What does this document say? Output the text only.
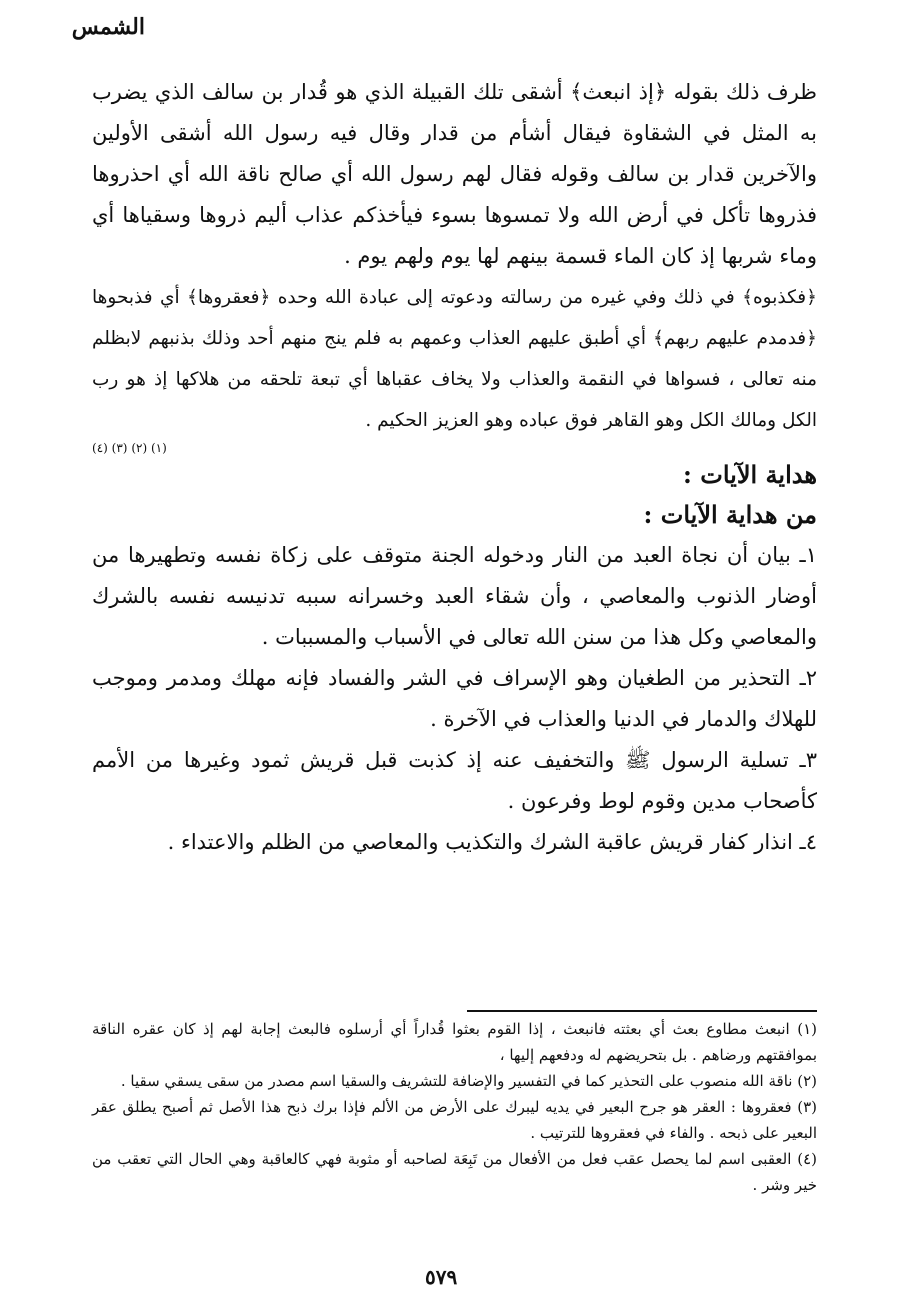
الشمس

ظرف ذلك بقوله ﴿إذ انبعث﴾ أشقى تلك القبيلة الذي هو قُدار بن سالف الذي يضرب به المثل في الشقاوة فيقال أشأم من قدار وقال فيه رسول الله أشقى الأولين والآخرين قدار بن سالف وقوله فقال لهم رسول الله أي صالح ناقة الله أي احذروها فذروها تأكل في أرض الله ولا تمسوها بسوء فيأخذكم عذاب أليم ذروها وسقياها أي وماء شربها إذ كان الماء قسمة بينهم لها يوم ولهم يوم .

﴿فكذبوه﴾ في ذلك وفي غيره من رسالته ودعوته إلى عبادة الله وحده ﴿فعقروها﴾ أي فذبحوها ﴿فدمدم عليهم ربهم﴾ أي أطبق عليهم العذاب وعمهم به فلم ينج منهم أحد وذلك بذنبهم لابظلم منه تعالى ، فسواها في النقمة والعذاب ولا يخاف عقباها أي تبعة تلحقه من هلاكها إذ هو رب الكل ومالك الكل وهو القاهر فوق عباده وهو العزيز الحكيم .

(١) (٢) (٣) (٤)
هداية الآيات :
من هداية الآيات :
١ـ بيان أن نجاة العبد من النار ودخوله الجنة متوقف على زكاة نفسه وتطهيرها من أوضار الذنوب والمعاصي ، وأن شقاء العبد وخسرانه سببه تدنيسه نفسه بالشرك والمعاصي وكل هذا من سنن الله تعالى في الأسباب والمسببات .
٢ـ التحذير من الطغيان وهو الإسراف في الشر والفساد فإنه مهلك ومدمر وموجب للهلاك والدمار في الدنيا والعذاب في الآخرة .
٣ـ تسلية الرسول ﷺ والتخفيف عنه إذ كذبت قبل قريش ثمود وغيرها من الأمم كأصحاب مدين وقوم لوط وفرعون .
٤ـ انذار كفار قريش عاقبة الشرك والتكذيب والمعاصي من الظلم والاعتداء .

(١) انبعث مطاوع بعث أي بعثته فانبعث ، إذا القوم بعثوا قُداراً أي أرسلوه فالبعث إجابة لهم إذ كان عقره الناقة بموافقتهم ورضاهم . بل بتحريضهم له ودفعهم إليها ،

(٢) ناقة الله منصوب على التحذير كما في التفسير والإضافة للتشريف والسقيا اسم مصدر من سقى يسقي سقيا .

(٣) فعقروها : العقر هو جرح البعير في يديه ليبرك على الأرض من الألم فإذا برك ذبح هذا الأصل ثم أصبح يطلق عقر البعير على ذبحه . والفاء في فعقروها للترتيب .

(٤) العقبى اسم لما يحصل عقب فعل من الأفعال من تَبِعَة لصاحبه أو مثوبة فهي كالعاقبة وهي الحال التي تعقب من خير وشر .

٥٧٩
